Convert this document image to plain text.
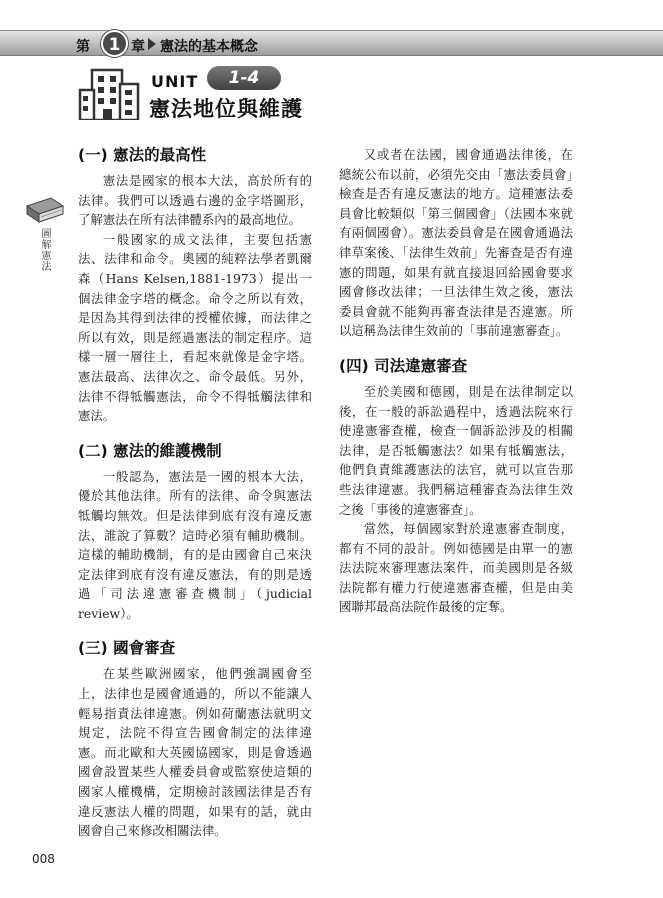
第	1 章 憲法的基本概念
UNIT	1-4
憲法地位與維護
圖解憲法
(一) 憲法的最高性

憲法是國家的根本大法，高於所有的法律。我們可以透過右邊的金字塔圖形，了解憲法在所有法律體系內的最高地位。

一般國家的成文法律，主要包括憲法、法律和命令。奧國的純粹法學者凱爾森（Hans Kelsen,1881-1973）提出一個法律金字塔的概念。命令之所以有效，是因為其得到法律的授權依據，而法律之所以有效，則是經過憲法的制定程序。這樣一層一層往上，看起來就像是金字塔。憲法最高、法律次之、命令最低。另外，法律不得牴觸憲法，命令不得牴觸法律和憲法。

(二) 憲法的維護機制

一般認為，憲法是一國的根本大法，優於其他法律。所有的法律、命令與憲法牴觸均無效。但是法律到底有沒有違反憲法，誰說了算數？這時必須有輔助機制。這樣的輔助機制，有的是由國會自己來決定法律到底有沒有違反憲法，有的則是透過「司法違憲審查機制」（judicial review）。

(三) 國會審查

在某些歐洲國家，他們強調國會至上，法律也是國會通過的，所以不能讓人輕易指責法律違憲。例如荷蘭憲法就明文規定，法院不得宣告國會制定的法律違憲。而北歐和大英國協國家，則是會透過國會設置某些人權委員會或監察使這類的國家人權機構，定期檢討該國法律是否有違反憲法人權的問題，如果有的話，就由國會自己來修改相關法律。

又或者在法國，國會通過法律後，在總統公布以前，必須先交由「憲法委員會」檢查是否有違反憲法的地方。這種憲法委員會比較類似「第三個國會」（法國本來就有兩個國會）。憲法委員會是在國會通過法律草案後、「法律生效前」先審查是否有違憲的問題，如果有就直接退回給國會要求國會修改法律；一旦法律生效之後，憲法委員會就不能夠再審查法律是否違憲。所以這稱為法律生效前的「事前違憲審查」。

(四) 司法違憲審查

至於美國和德國，則是在法律制定以後，在一般的訴訟過程中，透過法院來行使違憲審查權，檢查一個訴訟涉及的相關法律，是否牴觸憲法？如果有牴觸憲法，他們負責維護憲法的法官，就可以宣告那些法律違憲。我們稱這種審查為法律生效之後「事後的違憲審查」。

當然，每個國家對於違憲審查制度，都有不同的設計。例如德國是由單一的憲法法院來審理憲法案件，而美國則是各級法院都有權力行使違憲審查權，但是由美國聯邦最高法院作最後的定奪。

008
